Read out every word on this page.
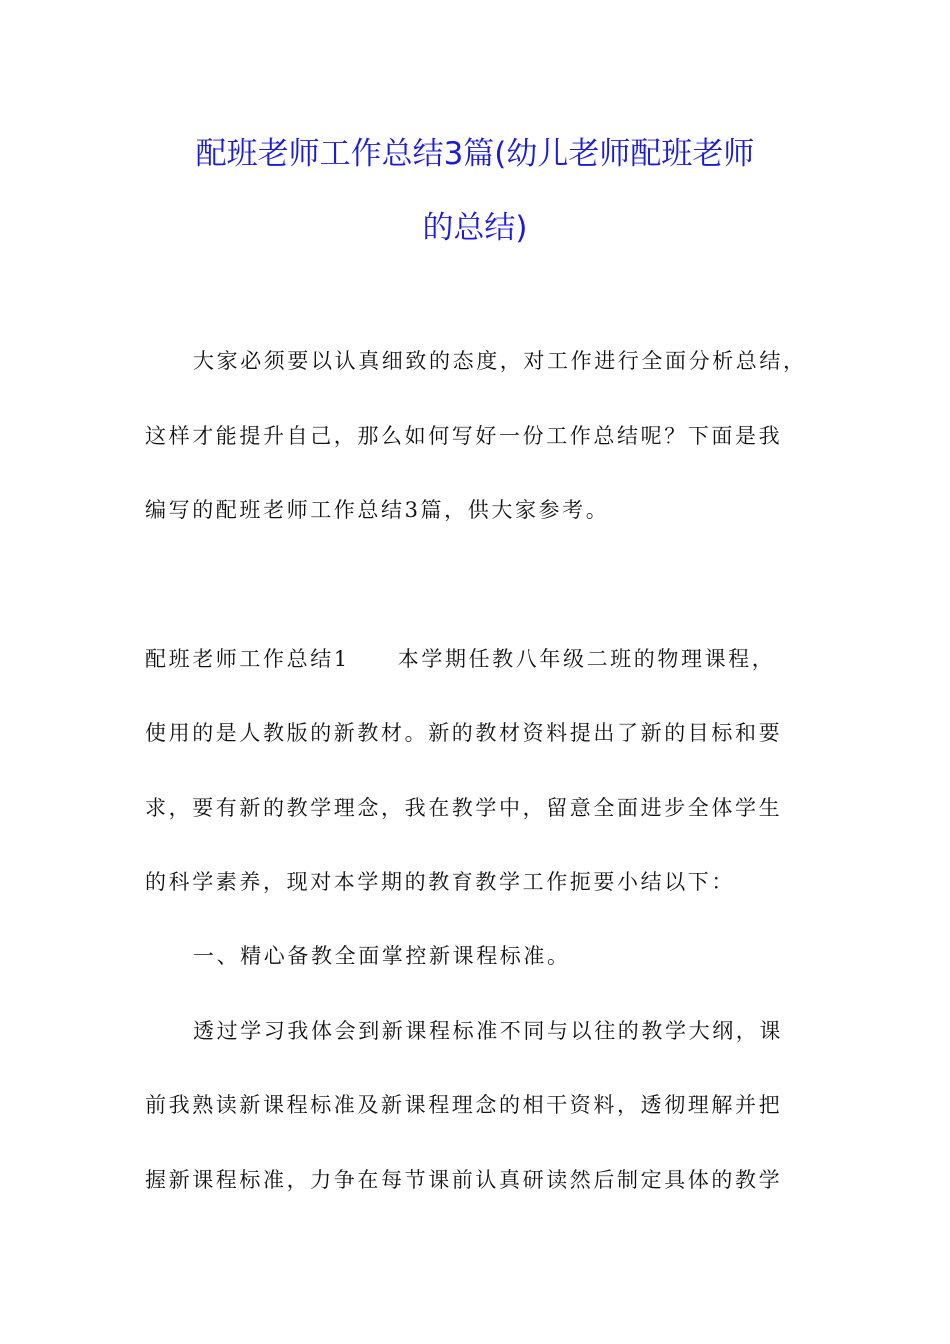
配班老师工作总结3篇(幼儿老师配班老师
的总结)
大家必须要以认真细致的态度，对工作进行全面分析总结，
这样才能提升自己，那么如何写好一份工作总结呢？下面是我
编写的配班老师工作总结3篇，供大家参考。
配班老师工作总结1 本学期任教八年级二班的物理课程，
使用的是人教版的新教材。新的教材资料提出了新的目标和要
求，要有新的教学理念，我在教学中，留意全面进步全体学生
的科学素养，现对本学期的教育教学工作扼要小结以下：
一、精心备教全面掌控新课程标准。
透过学习我体会到新课程标准不同与以往的教学大纲，课
前我熟读新课程标准及新课程理念的相干资料，透彻理解并把
握新课程标准，力争在每节课前认真研读然后制定具体的教学
